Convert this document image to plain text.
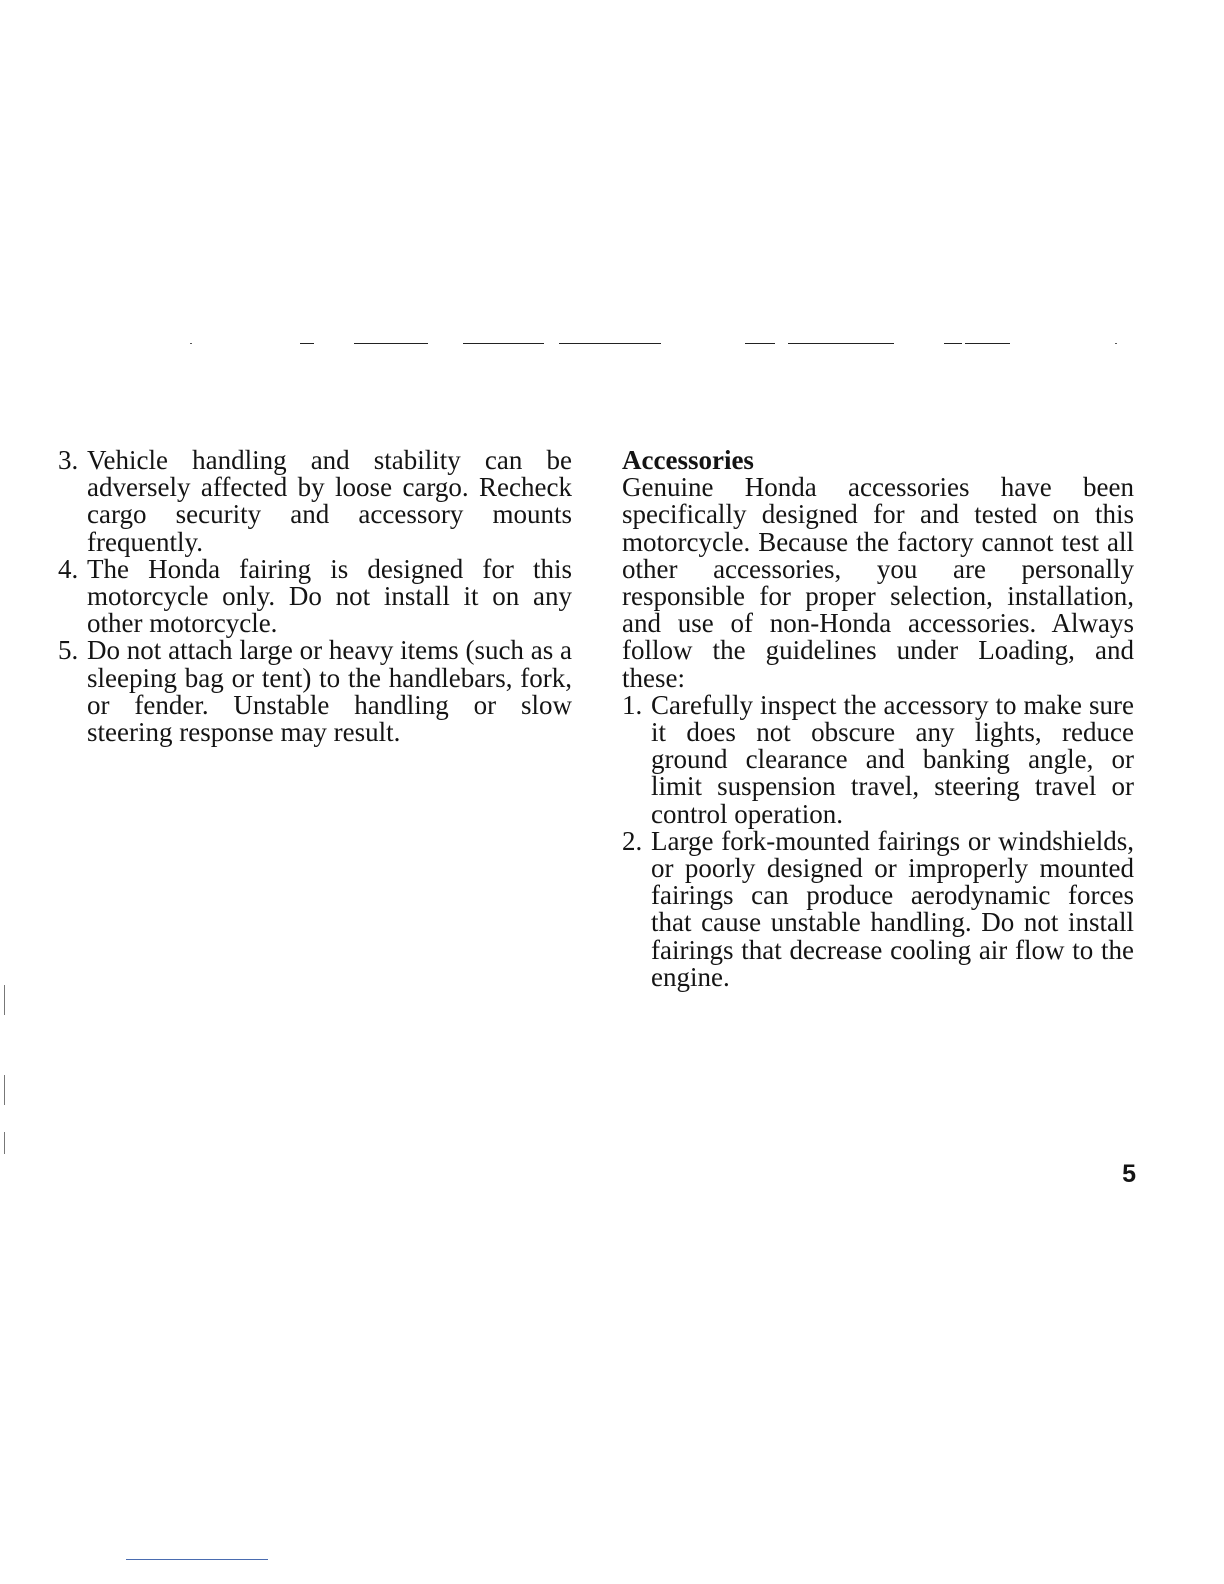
3. Vehicle handling and stability can be adversely affected by loose cargo. Recheck cargo security and accessory mounts frequently.
4. The Honda fairing is designed for this motorcycle only. Do not install it on any other motorcycle.
5. Do not attach large or heavy items (such as a sleeping bag or tent) to the handlebars, fork, or fender. Unstable handling or slow steering response may result.
Accessories
Genuine Honda accessories have been specifically designed for and tested on this motorcycle. Because the factory cannot test all other accessories, you are personally responsible for proper selection, installation, and use of non-Honda accessories. Always follow the guidelines under Loading, and these:
1. Carefully inspect the accessory to make sure it does not obscure any lights, reduce ground clearance and banking angle, or limit suspension travel, steering travel or control operation.
2. Large fork-mounted fairings or windshields, or poorly designed or improperly mounted fairings can produce aerodynamic forces that cause unstable handling. Do not install fairings that decrease cooling air flow to the engine.
5
